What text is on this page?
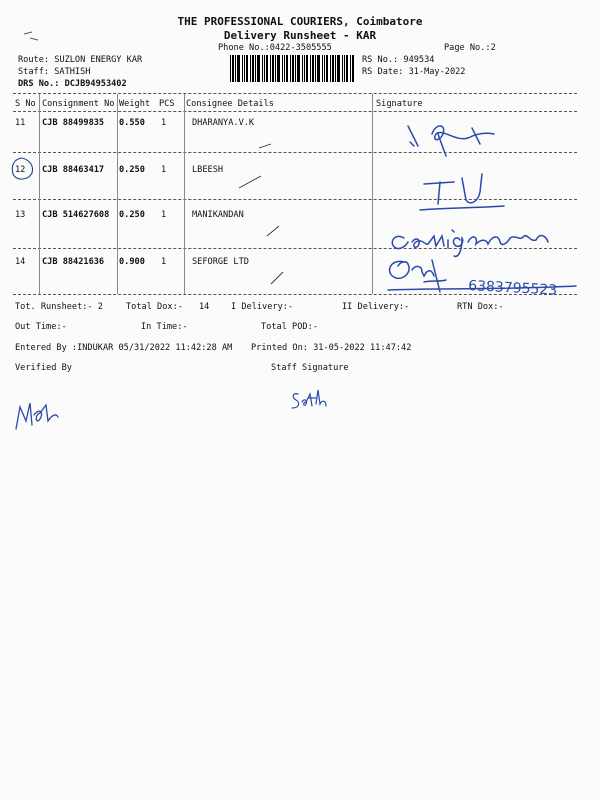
THE PROFESSIONAL COURIERS, Coimbatore
Delivery Runsheet - KAR
Phone No.:0422-3505555	Page No.:2
Route: SUZLON ENERGY KAR
Staff: SATHISH
DRS No.: DCJB94953402
RS No.: 949534
RS Date: 31-May-2022
S No Consignment No Weight PCS Consignee Details	Signature
11 CJB 88499835 0.550 1	DHARANYA.V.K
12 CJB 88463417 0.250 1	LBEESH
13 CJB 514627608 0.250 1	MANIKANDAN
14 CJB 88421636 0.900 1	SEFORGE LTD
6383795523
Tot. Runsheet:- 2	Total Dox:- 14	I Delivery:-	II Delivery:-	RTN Dox:-
Out Time:-	In Time:-	Total POD:-
Entered By :INDUKAR 05/31/2022 11:42:28 AM Printed On: 31-05-2022 11:47:42
Verified By	Staff Signature
